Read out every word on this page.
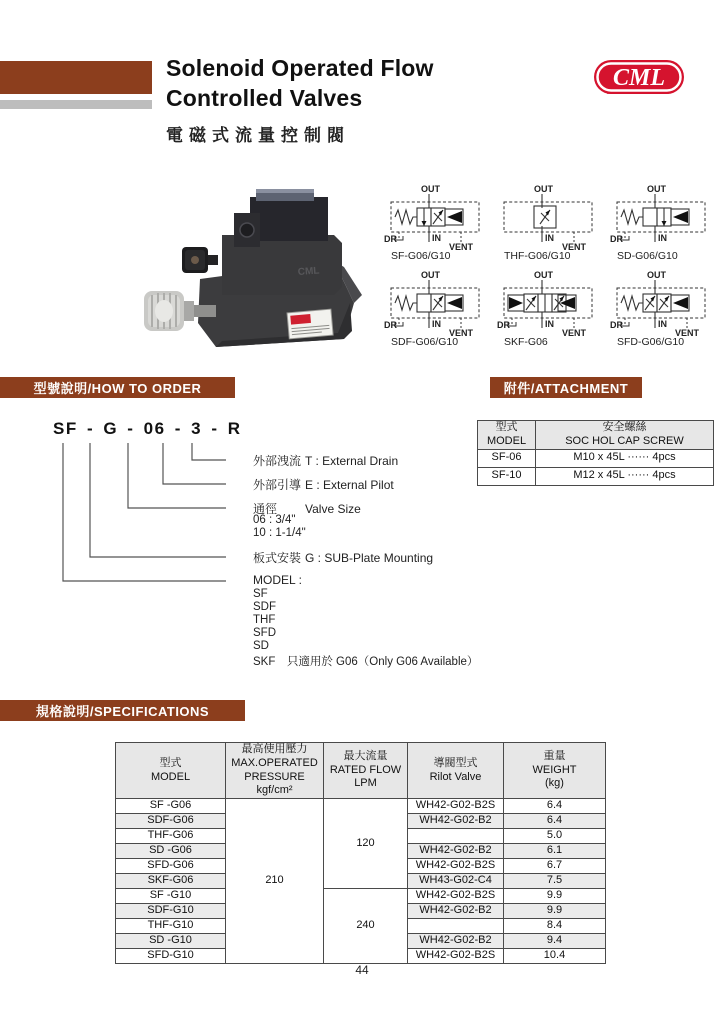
Solenoid Operated Flow
Controlled Valves
電磁式流量控制閥
CML
CML
OUT
IN
DR
VENT
SF-G06/G10
OUT
IN
VENT
THF-G06/G10
OUT
IN
DR
SD-G06/G10
OUT
IN
DR
VENT
SDF-G06/G10
OUT
IN
DR
VENT
SKF-G06
OUT
IN
DR
VENT
SFD-G06/G10
型號說明/HOW TO ORDER	附件/ATTACHMENT
規格說明/SPECIFICATIONS
SF - G - 06 - 3 - R
外部洩流 T : External Drain
外部引導 E : External Pilot
通徑 Valve Size
06 : 3/4"
10 : 1-1/4"
板式安裝 G : SUB-Plate Mounting
MODEL :
SF
SDF
THF
SFD
SD
SKF　只適用於 G06（Only G06 Available）
型式
MODEL	安全螺絲
SOC HOL CAP SCREW
SF-06	M10 x 45L ······ 4pcs
SF-10	M12 x 45L ······ 4pcs
型式
MODEL	最高使用壓力
MAX.OPERATED
PRESSURE kgf/cm²	最大流量
RATED FLOW
LPM	導閥型式
Rilot Valve	重量
WEIGHT
(kg)
SF -G06	210	120	WH42-G02-B2S	6.4
SDF-G06			WH42-G02-B2	6.4
THF-G06				5.0
SD -G06			WH42-G02-B2	6.1
SFD-G06			WH42-G02-B2S	6.7
SKF-G06			WH43-G02-C4	7.5
SF -G10		240	WH42-G02-B2S	9.9
SDF-G10			WH42-G02-B2	9.9
THF-G10				8.4
SD -G10			WH42-G02-B2	9.4
SFD-G10			WH42-G02-B2S	10.4
44
